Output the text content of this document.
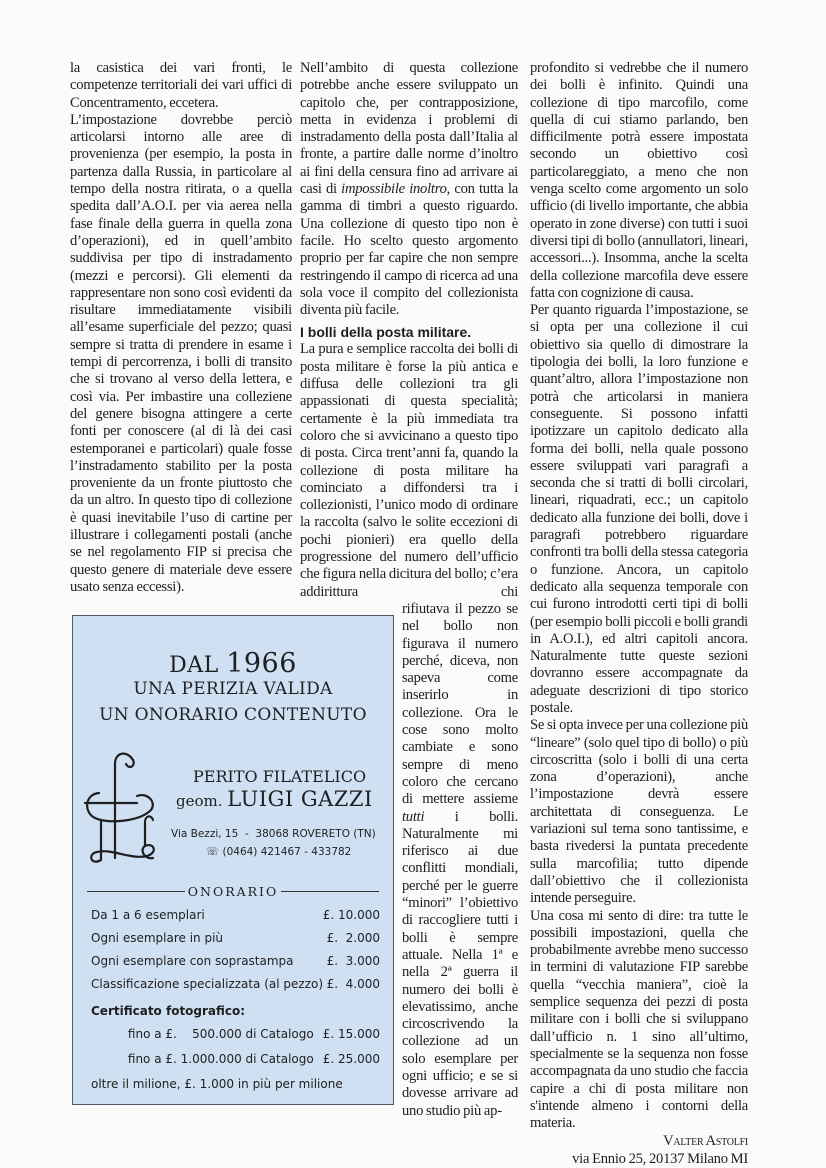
la casistica dei vari fronti, le competenze territoriali dei vari uffici di Concentramento, eccetera.

L’impostazione dovrebbe perciò articolarsi intorno alle aree di provenienza (per esempio, la posta in partenza dalla Russia, in particolare al tempo della nostra ritirata, o a quella spedita dall’A.O.I. per via aerea nella fase finale della guerra in quella zona d’operazioni), ed in quell’ambito suddivisa per tipo di instradamento (mezzi e percorsi). Gli elementi da rappresentare non sono così evidenti da risultare immediatamente visibili all’esame superficiale del pezzo; quasi sempre si tratta di prendere in esame i tempi di percorrenza, i bolli di transito che si trovano al verso della lettera, e così via. Per imbastire una colleziene del genere bisogna attingere a certe fonti per conoscere (al di là dei casi estemporanei e particolari) quale fosse l’instradamento stabilito per la posta proveniente da un fronte piuttosto che da un altro. In questo tipo di collezione è quasi inevitabile l’uso di cartine per illustrare i collegamenti postali (anche se nel regolamento FIP si precisa che questo genere di materiale deve essere usato senza eccessi).

Nell’ambito di questa collezione potrebbe anche essere sviluppato un capitolo che, per contrapposizione, metta in evidenza i problemi di instradamento della posta dall’Italia al fronte, a partire dalle norme d’inoltro ai fini della censura fino ad arrivare ai casi di impossibile inoltro, con tutta la gamma di timbri a questo riguardo. Una collezione di questo tipo non è facile. Ho scelto questo argomento proprio per far capire che non sempre restringendo il campo di ricerca ad una sola voce il compito del collezionista diventa più facile.

I bolli della posta militare.

La pura e semplice raccolta dei bolli di posta militare è forse la più antica e diffusa delle collezioni tra gli appassionati di questa specialità; certamente è la più immediata tra coloro che si avvicinano a questo tipo di posta. Circa trent’anni fa, quando la collezione di posta militare ha cominciato a diffondersi tra i collezionisti, l’unico modo di ordinare la raccolta (salvo le solite eccezioni di pochi pionieri) era quello della progressione del numero dell’ufficio che figura nella dicitura del bollo; c’era addirittura chi

rifiutava il pezzo se nel bollo non figurava il numero perché, diceva, non sapeva come inserirlo in collezione. Ora le cose sono molto cambiate e sono sempre di meno coloro che cercano di mettere assieme tutti i bolli. Naturalmente mi riferisco ai due conflitti mondiali, perché per le guerre “minori” l’obiettivo di raccogliere tutti i bolli è sempre attuale. Nella 1ª e nella 2ª guerra il numero dei bolli è elevatissimo, anche circoscrivendo la collezione ad un solo esemplare per ogni ufficio; e se si dovesse arrivare ad uno studio più ap-

profondito si vedrebbe che il numero dei bolli è infinito. Quindi una collezione di tipo marcofilo, come quella di cui stiamo parlando, ben difficilmente potrà essere impostata secondo un obiettivo così particolareggiato, a meno che non venga scelto come argomento un solo ufficio (di livello importante, che abbia operato in zone diverse) con tutti i suoi diversi tipi di bollo (annullatori, lineari, accessori...). Insomma, anche la scelta della collezione marcofila deve essere fatta con cognizione di causa.

Per quanto riguarda l’impostazione, se si opta per una collezione il cui obiettivo sia quello di dimostrare la tipologia dei bolli, la loro funzione e quant’altro, allora l’impostazione non potrà che articolarsi in maniera conseguente. Si possono infatti ipotizzare un capitolo dedicato alla forma dei bolli, nella quale possono essere sviluppati vari paragrafi a seconda che si tratti di bolli circolari, lineari, riquadrati, ecc.; un capitolo dedicato alla funzione dei bolli, dove i paragrafi potrebbero riguardare confronti tra bolli della stessa categoria o funzione. Ancora, un capitolo dedicato alla sequenza temporale con cui furono introdotti certi tipi di bolli (per esempio bolli piccoli e bolli grandi in A.O.I.), ed altri capitoli ancora. Naturalmente tutte queste sezioni dovranno essere accompagnate da adeguate descrizioni di tipo storico postale.

Se si opta invece per una collezione più “lineare” (solo quel tipo di bollo) o più circoscritta (solo i bolli di una certa zona d’operazioni), anche l’impostazione devrà essere architettata di conseguenza. Le variazioni sul tema sono tantissime, e basta rivedersi la puntata precedente sulla marcofilia; tutto dipende dall’obiettivo che il collezionista intende perseguire.

Una cosa mi sento di dire: tra tutte le possibili impostazioni, quella che probabilmente avrebbe meno successo in termini di valutazione FIP sarebbe quella “vecchia maniera”, cioè la semplice sequenza dei pezzi di posta militare con i bolli che si sviluppano dall’ufficio n. 1 sino all’ultimo, specialmente se la sequenza non fosse accompagnata da uno studio che faccia capire a chi di posta militare non s'intende almeno i contorni della materia.

Valter Astolfi
via Ennio 25, 20137 Milano MI
DAL 1966
UNA PERIZIA VALIDA
UN ONORARIO CONTENUTO
PERITO FILATELICO
geom. LUIGI GAZZI
Via Bezzi, 15  -  38068 ROVERETO (TN)
☏ (0464) 421467 - 433782
ONORARIO
Da 1 a 6 esemplari	£. 10.000
Ogni esemplare in più	£.  2.000
Ogni esemplare con soprastampa	£.  3.000
Classificazione specializzata (al pezzo) £.  4.000
Certificato fotografico:
fino a £.    500.000 di Catalogo £. 15.000
fino a £. 1.000.000 di Catalogo £. 25.000
oltre il milione, £. 1.000 in più per milione
